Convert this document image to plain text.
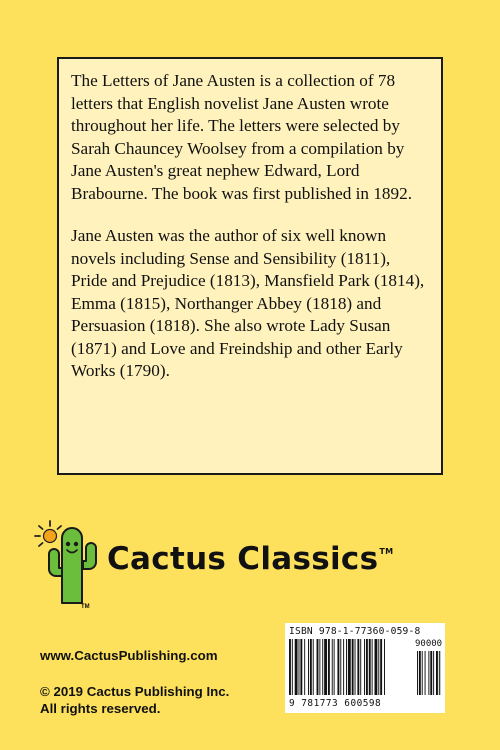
The Letters of Jane Austen is a collection of 78 letters that English novelist Jane Austen wrote throughout her life. The letters were selected by Sarah Chauncey Woolsey from a compilation by Jane Austen's great nephew Edward, Lord Brabourne. The book was first published in 1892.

Jane Austen was the author of six well known novels including Sense and Sensibility (1811), Pride and Prejudice (1813), Mansfield Park (1814), Emma (1815), Northanger Abbey (1818) and Persuasion (1818). She also wrote Lady Susan (1871) and Love and Freindship and other Early Works (1790).

TM
Cactus Classics™
www.CactusPublishing.com
© 2019 Cactus Publishing Inc.
All rights reserved.
ISBN 978-1-77360-059-8
90000
9 781773 600598
